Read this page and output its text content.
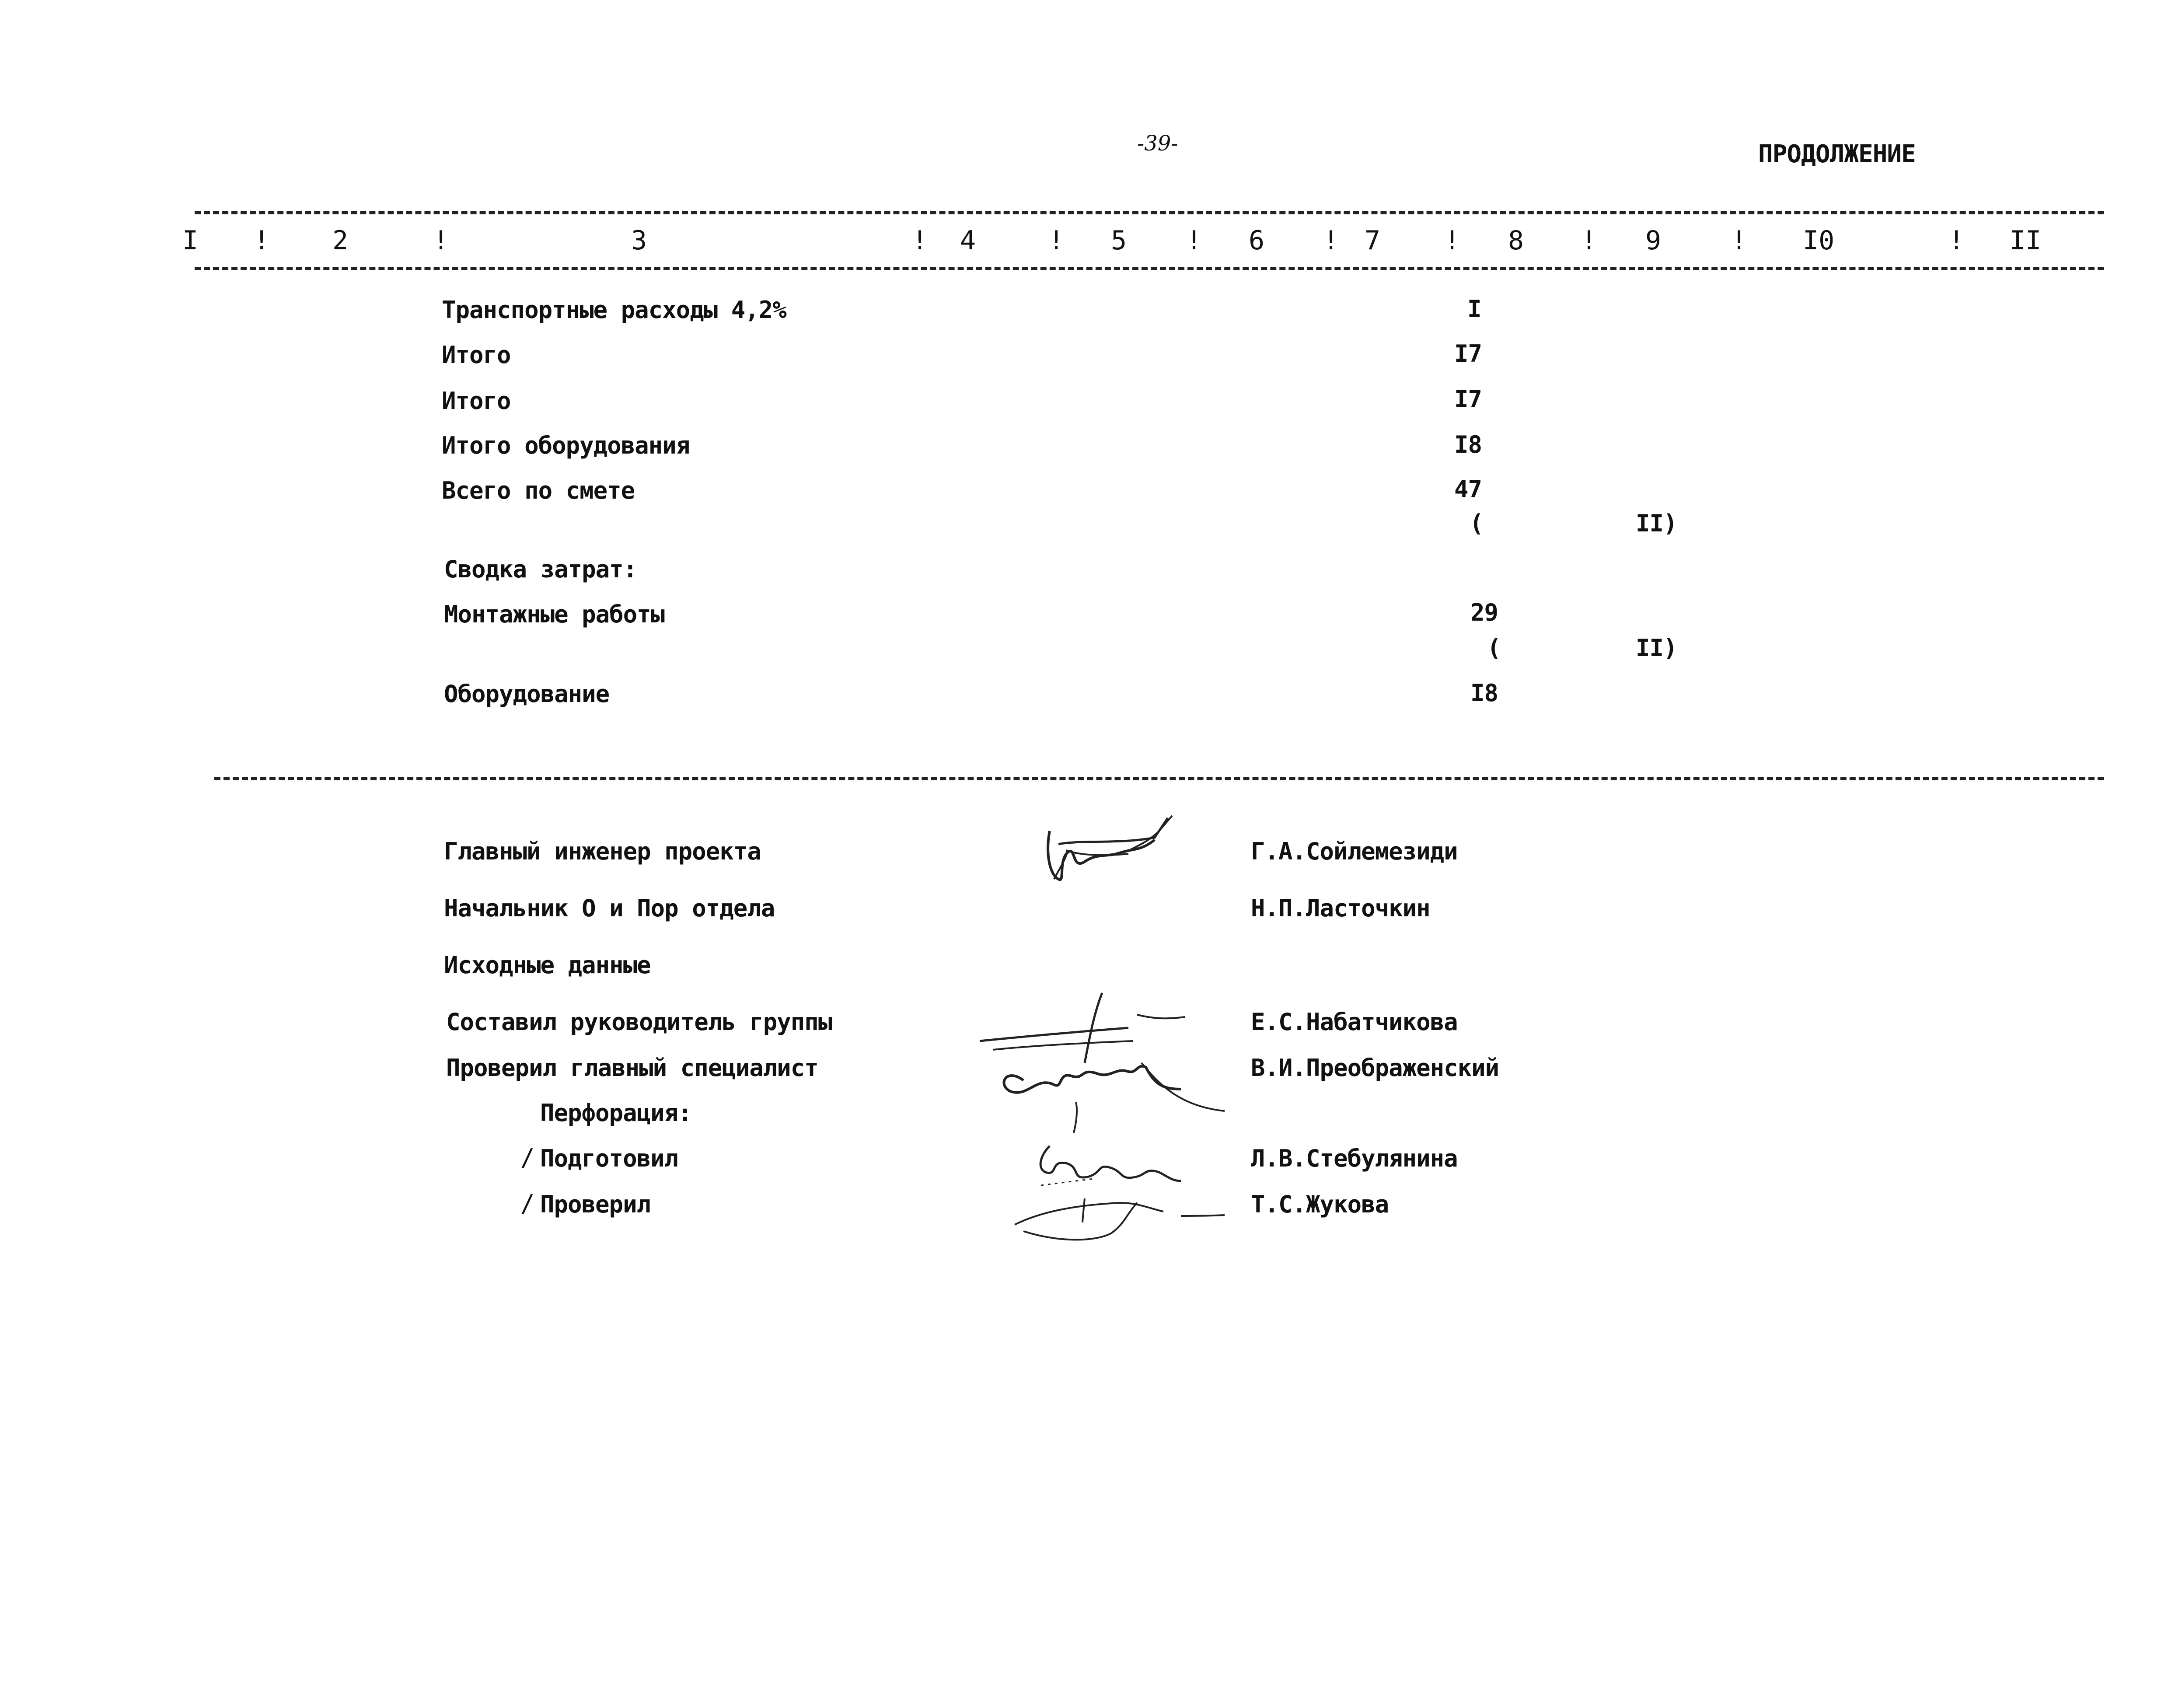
-39-	ПРОДОЛЖЕНИЕ
I ! 2	!	3	! 4	! 5 ! 6 ! 7 ! 8 ! 9	! I0	! II
Транспортные расходы 4,2%	I
Итого	I7
Итого	I7
Итого оборудования	I8
Всего по смете	47
(	II)
Сводка затрат:
Монтажные работы	29
(	II)
Оборудование	I8
Главный инженер проекта	Г.А.Сойлемезиди
Начальник О и Пор отдела	Н.П.Ласточкин
Исходные данные
Составил руководитель группы	Е.С.Набатчикова
Проверил главный специалист	В.И.Преображенский
Перфорация:
/ Подготовил	Л.В.Стебулянина
/ Проверил	Т.С.Жукова
